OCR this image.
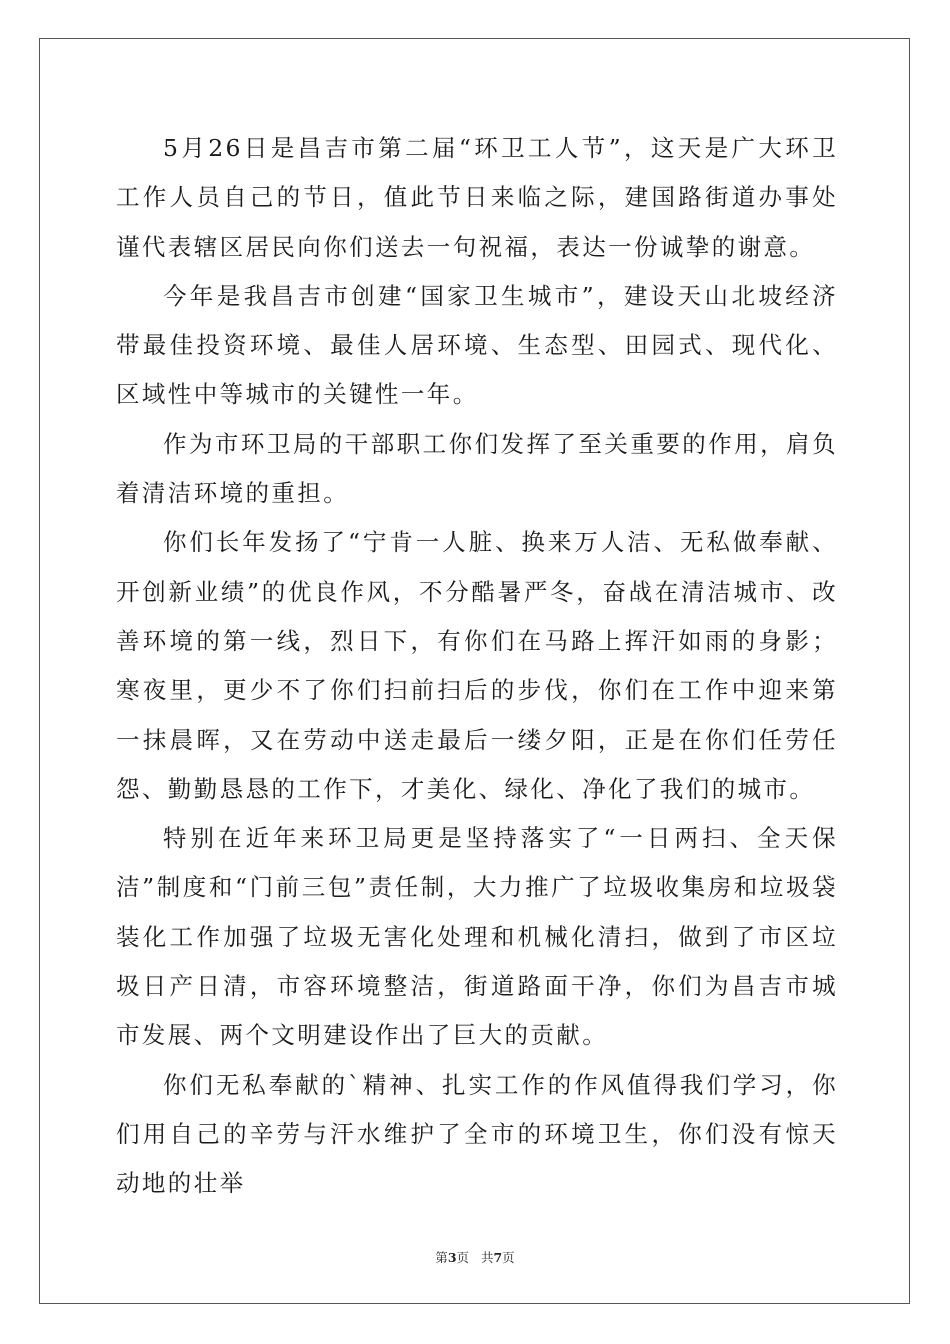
5月26日是昌吉市第二届“环卫工人节”，这天是广大环卫工作人员自己的节日，值此节日来临之际，建国路街道办事处谨代表辖区居民向你们送去一句祝福，表达一份诚挚的谢意。

今年是我昌吉市创建“国家卫生城市”，建设天山北坡经济带最佳投资环境、最佳人居环境、生态型、田园式、现代化、区域性中等城市的关键性一年。

作为市环卫局的干部职工你们发挥了至关重要的作用，肩负着清洁环境的重担。

你们长年发扬了“宁肯一人脏、换来万人洁、无私做奉献、开创新业绩”的优良作风，不分酷暑严冬，奋战在清洁城市、改善环境的第一线，烈日下，有你们在马路上挥汗如雨的身影；寒夜里，更少不了你们扫前扫后的步伐，你们在工作中迎来第一抹晨晖，又在劳动中送走最后一缕夕阳，正是在你们任劳任怨、勤勤恳恳的工作下，才美化、绿化、净化了我们的城市。

特别在近年来环卫局更是坚持落实了“一日两扫、全天保洁”制度和“门前三包”责任制，大力推广了垃圾收集房和垃圾袋装化工作加强了垃圾无害化处理和机械化清扫，做到了市区垃圾日产日清，市容环境整洁，街道路面干净，你们为昌吉市城市发展、两个文明建设作出了巨大的贡献。

你们无私奉献的`精神、扎实工作的作风值得我们学习，你们用自己的辛劳与汗水维护了全市的环境卫生，你们没有惊天动地的壮举

第3页 共7页
